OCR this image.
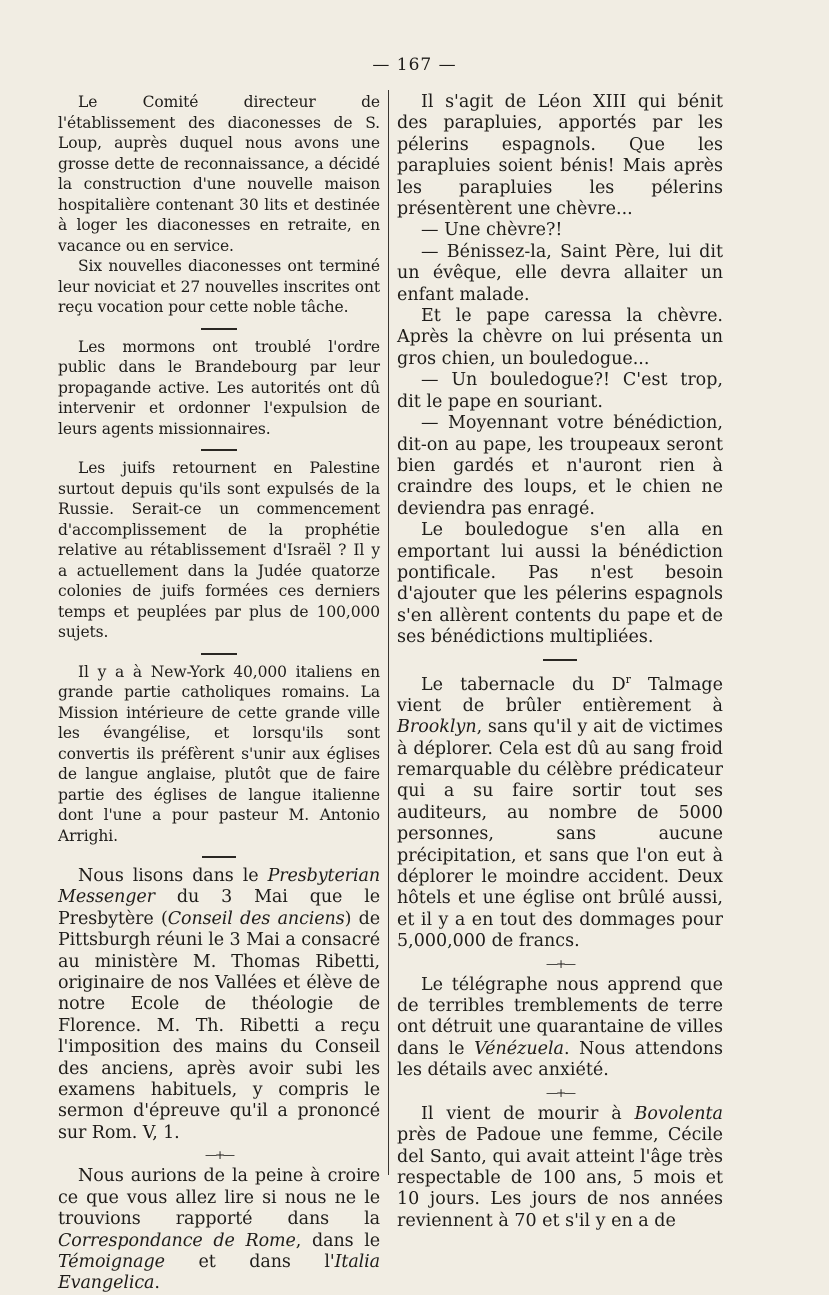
— 167 —

Le Comité directeur de l'établissement des diaconesses de S. Loup, auprès duquel nous avons une grosse dette de reconnaissance, a décidé la construction d'une nouvelle maison hospitalière contenant 30 lits et destinée à loger les diaconesses en retraite, en vacance ou en service.

Six nouvelles diaconesses ont terminé leur noviciat et 27 nouvelles inscrites ont reçu vocation pour cette noble tâche.

Les mormons ont troublé l'ordre public dans le Brandebourg par leur propagande active. Les autorités ont dû intervenir et ordonner l'expulsion de leurs agents missionnaires.

Les juifs retournent en Palestine surtout depuis qu'ils sont expulsés de la Russie. Serait-ce un commencement d'accomplissement de la prophétie relative au rétablissement d'Israël ? Il y a actuellement dans la Judée quatorze colonies de juifs formées ces derniers temps et peuplées par plus de 100,000 sujets.

Il y a à New-York 40,000 italiens en grande partie catholiques romains. La Mission intérieure de cette grande ville les évangélise, et lorsqu'ils sont convertis ils préfèrent s'unir aux églises de langue anglaise, plutôt que de faire partie des églises de langue italienne dont l'une a pour pasteur M. Antonio Arrighi.

Nous lisons dans le Presbyterian Messenger du 3 Mai que le Presbytère (Conseil des anciens) de Pittsburgh réuni le 3 Mai a consacré au ministère M. Thomas Ribetti, originaire de nos Vallées et élève de notre Ecole de théologie de Florence. M. Th. Ribetti a reçu l'imposition des mains du Conseil des anciens, après avoir subi les examens habituels, y compris le sermon d'épreuve qu'il a prononcé sur Rom. V, 1.

—+—

Nous aurions de la peine à croire ce que vous allez lire si nous ne le trouvions rapporté dans la Correspondance de Rome, dans le Témoignage et dans l'Italia Evangelica.

Il s'agit de Léon XIII qui bénit des parapluies, apportés par les pélerins espagnols. Que les parapluies soient bénis! Mais après les parapluies les pélerins présentèrent une chèvre...

— Une chèvre?!

— Bénissez-la, Saint Père, lui dit un évêque, elle devra allaiter un enfant malade.

Et le pape caressa la chèvre. Après la chèvre on lui présenta un gros chien, un bouledogue...

— Un bouledogue?! C'est trop, dit le pape en souriant.

— Moyennant votre bénédiction, dit-on au pape, les troupeaux seront bien gardés et n'auront rien à craindre des loups, et le chien ne deviendra pas enragé.

Le bouledogue s'en alla en emportant lui aussi la bénédiction pontificale. Pas n'est besoin d'ajouter que les pélerins espagnols s'en allèrent contents du pape et de ses bénédictions multipliées.

Le tabernacle du $D^r$ Talmage vient de brûler entièrement à Brooklyn, sans qu'il y ait de victimes à déplorer. Cela est dû au sang froid remarquable du célèbre prédicateur qui a su faire sortir tout ses auditeurs, au nombre de 5000 personnes, sans aucune précipitation, et sans que l'on eut à déplorer le moindre accident. Deux hôtels et une église ont brûlé aussi, et il y a en tout des dommages pour 5,000,000 de francs.

—+—

Le télégraphe nous apprend que de terribles tremblements de terre ont détruit une quarantaine de villes dans le Vénézuela. Nous attendons les détails avec anxiété.

—+—

Il vient de mourir à Bovolenta près de Padoue une femme, Cécile del Santo, qui avait atteint l'âge très respectable de 100 ans, 5 mois et 10 jours. Les jours de nos années reviennent à 70 et s'il y en a de
